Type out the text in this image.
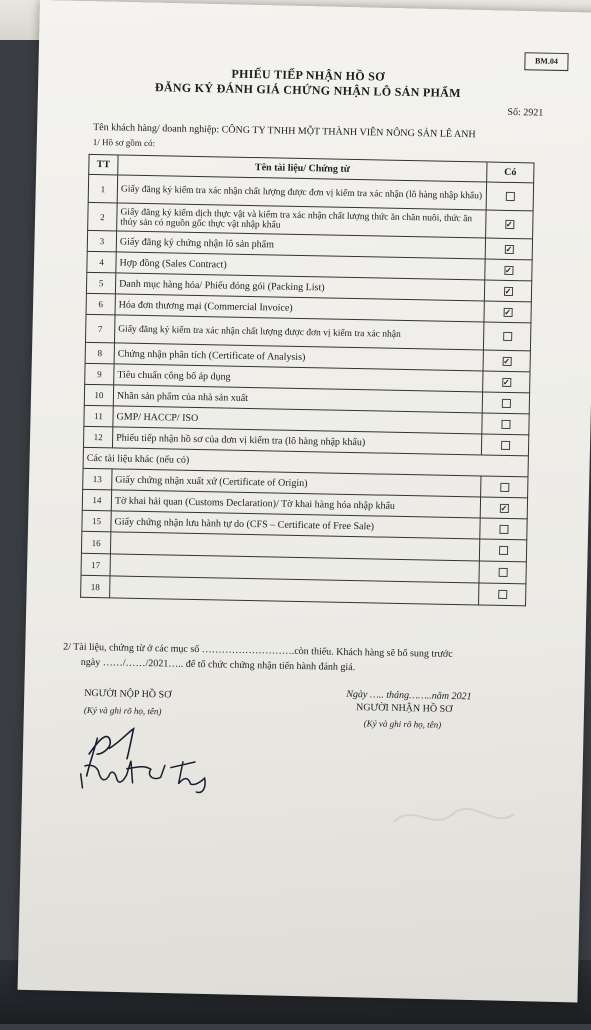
BM.04
PHIẾU TIẾP NHẬN HỒ SƠ
ĐĂNG KÝ ĐÁNH GIÁ CHỨNG NHẬN LÔ SẢN PHẨM
Số: 2921
Tên khách hàng/ doanh nghiệp: CÔNG TY TNHH MỘT THÀNH VIÊN NÔNG SẢN LÊ ANH
1/ Hồ sơ gồm có:
TT	Tên tài liệu/ Chứng từ	Có
1	Giấy đăng ký kiểm tra xác nhận chất lượng được đơn vị kiểm tra xác nhận (lô hàng nhập khẩu)	
2	Giấy đăng ký kiểm dịch thực vật và kiểm tra xác nhận chất lượng thức ăn chăn nuôi, thức ăn thủy sản có nguồn gốc thực vật nhập khẩu	✓
3	Giấy đăng ký chứng nhận lô sản phẩm	✓
4	Hợp đồng (Sales Contract)	✓
5	Danh mục hàng hóa/ Phiếu đóng gói (Packing List)	✓
6	Hóa đơn thương mại (Commercial Invoice)	✓
7	Giấy đăng ký kiểm tra xác nhận chất lượng được đơn vị kiểm tra xác nhận	
8	Chứng nhận phân tích (Certificate of Analysis)	✓
9	Tiêu chuẩn công bố áp dụng	✓
10	Nhãn sản phẩm của nhà sản xuất	
11	GMP/ HACCP/ ISO	
12	Phiếu tiếp nhận hồ sơ của đơn vị kiểm tra (lô hàng nhập khẩu)	
Các tài liệu khác (nếu có)		
13	Giấy chứng nhận xuất xứ (Certificate of Origin)	
14	Tờ khai hải quan (Customs Declaration)/ Tờ khai hàng hóa nhập khẩu	✓
15	Giấy chứng nhận lưu hành tự do (CFS – Certificate of Free Sale)	
16		
17		
18		
2/ Tài liệu, chứng từ ở các mục số ……………………….còn thiếu. Khách hàng sẽ bổ sung trước
ngày ……/……/2021….. để tổ chức chứng nhận tiến hành đánh giá.
Ngày ….. tháng……..năm 2021
NGƯỜI NỘP HỒ SƠ
(Ký và ghi rõ họ, tên)	NGƯỜI NHẬN HỒ SƠ
(Ký và ghi rõ họ, tên)
